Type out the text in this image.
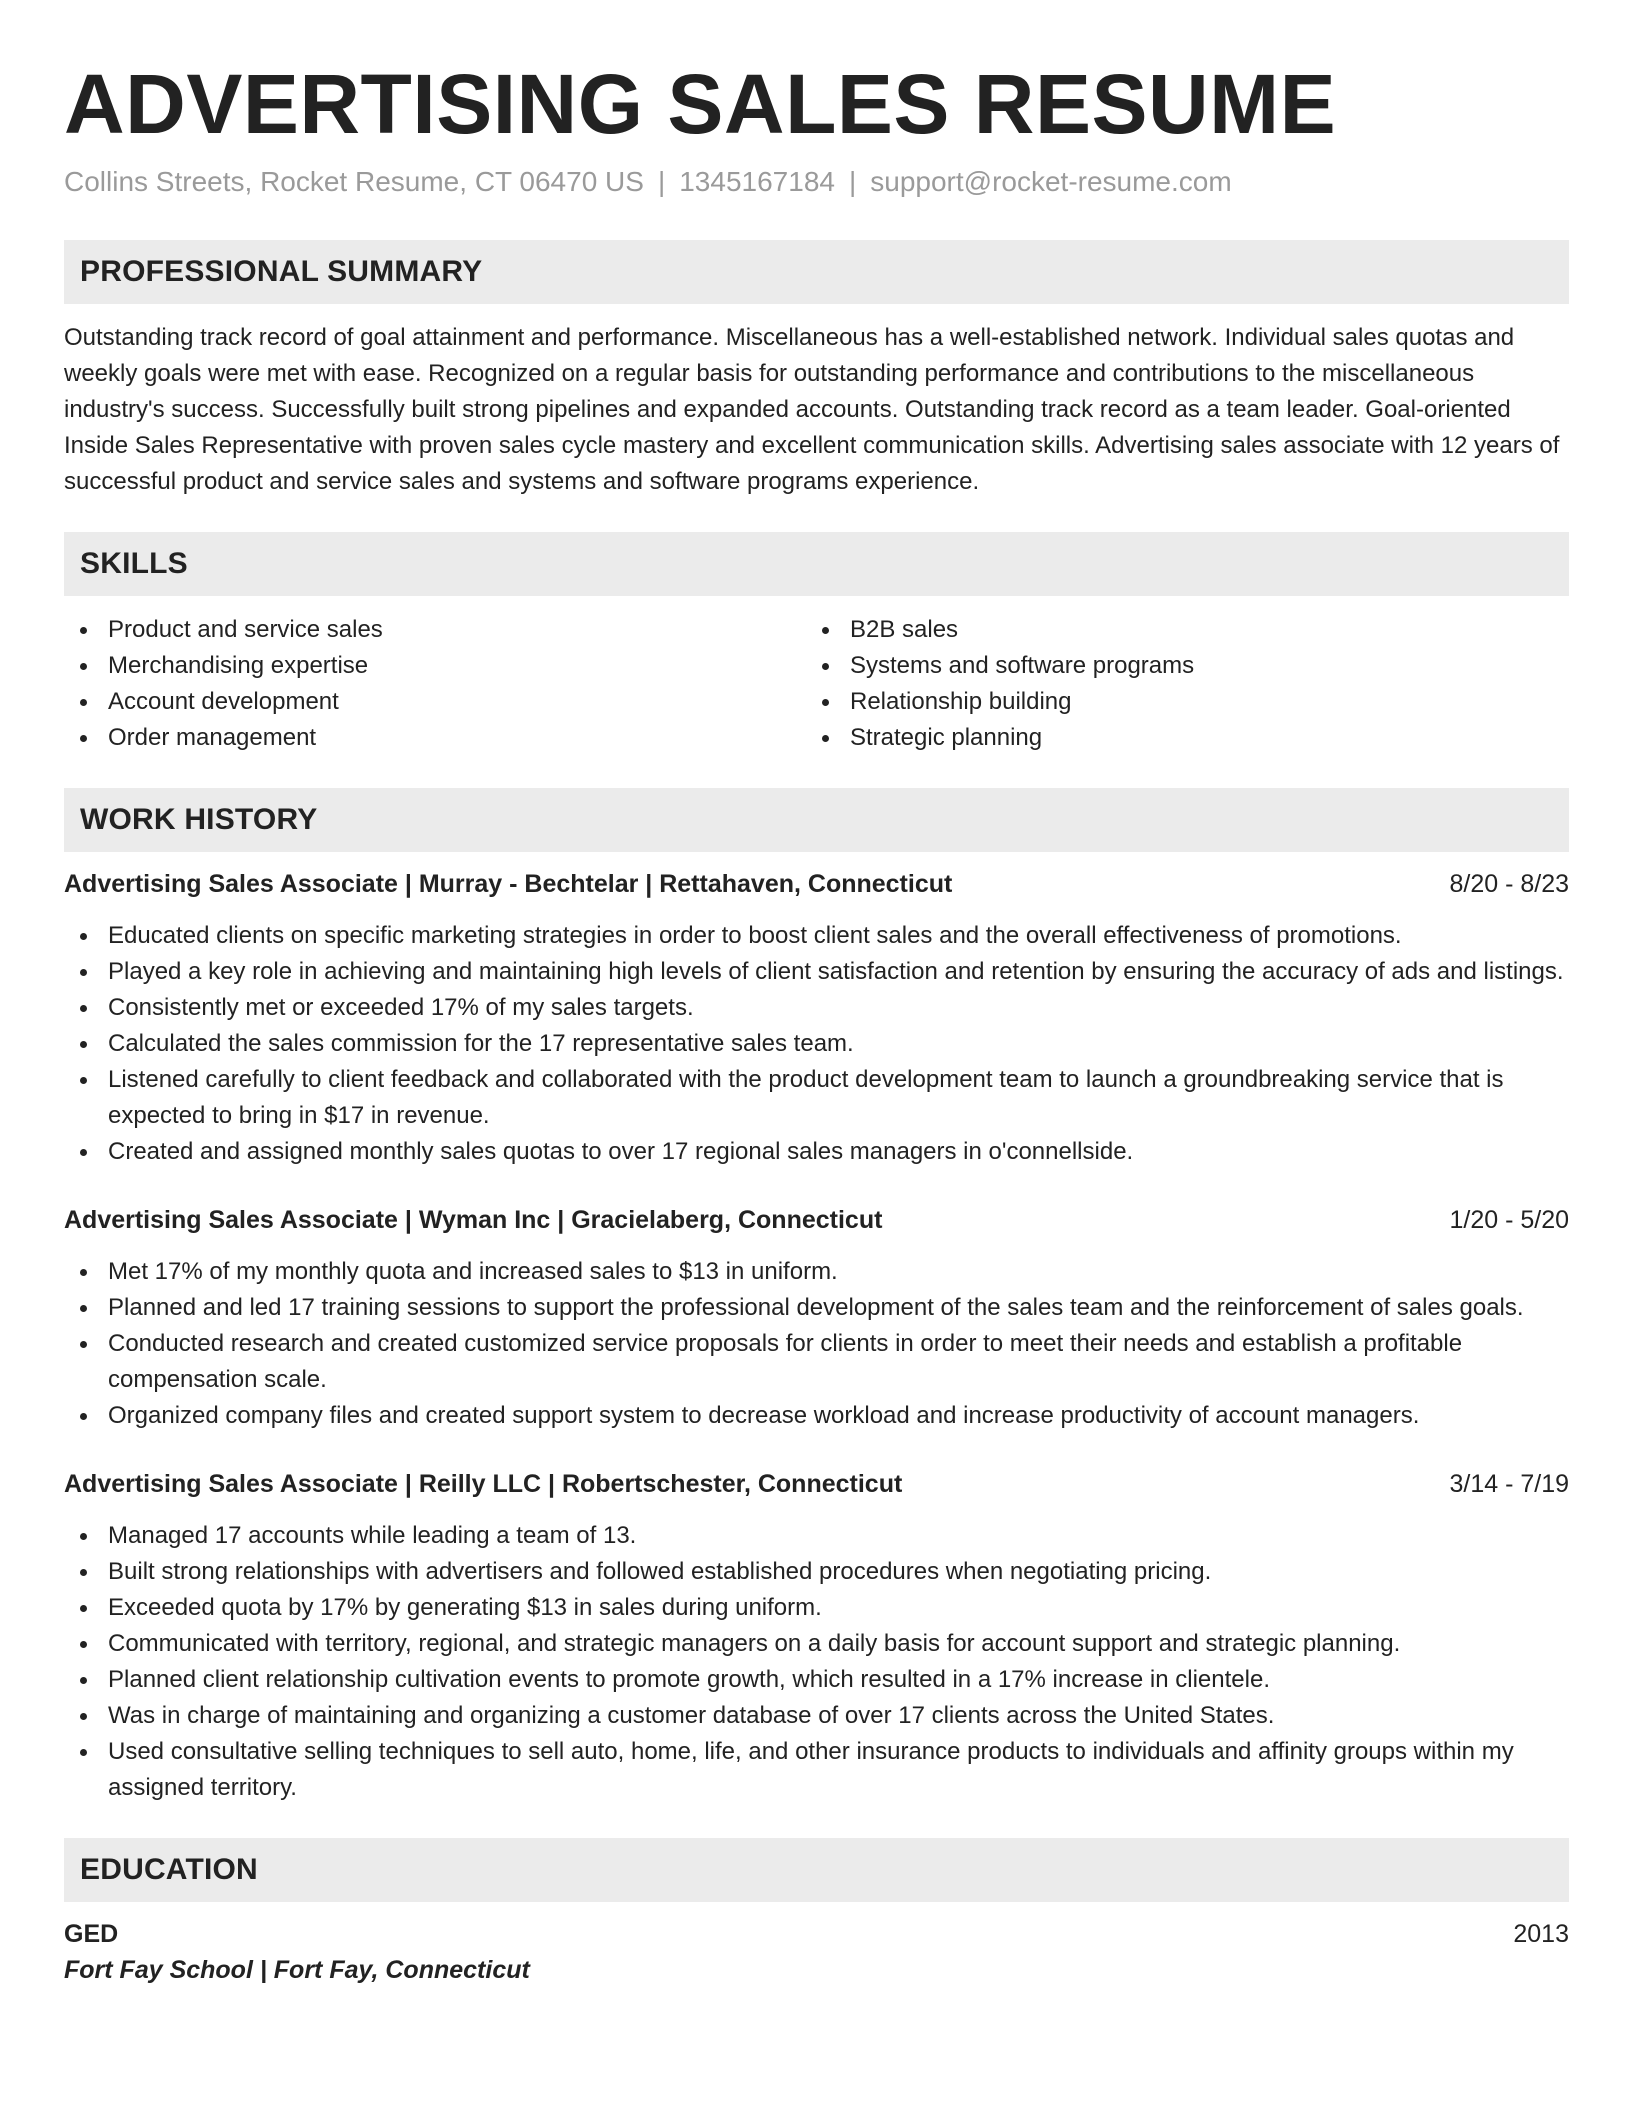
ADVERTISING SALES RESUME
Collins Streets, Rocket Resume, CT 06470 US | 1345167184 | support@rocket-resume.com
PROFESSIONAL SUMMARY
Outstanding track record of goal attainment and performance. Miscellaneous has a well-established network. Individual sales quotas and weekly goals were met with ease. Recognized on a regular basis for outstanding performance and contributions to the miscellaneous industry's success. Successfully built strong pipelines and expanded accounts. Outstanding track record as a team leader. Goal-oriented Inside Sales Representative with proven sales cycle mastery and excellent communication skills. Advertising sales associate with 12 years of successful product and service sales and systems and software programs experience.
SKILLS
Product and service sales
Merchandising expertise
Account development
Order management
B2B sales
Systems and software programs
Relationship building
Strategic planning
WORK HISTORY
Advertising Sales Associate | Murray - Bechtelar | Rettahaven, Connecticut	8/20 - 8/23
Educated clients on specific marketing strategies in order to boost client sales and the overall effectiveness of promotions.
Played a key role in achieving and maintaining high levels of client satisfaction and retention by ensuring the accuracy of ads and listings.
Consistently met or exceeded 17% of my sales targets.
Calculated the sales commission for the 17 representative sales team.
Listened carefully to client feedback and collaborated with the product development team to launch a groundbreaking service that is expected to bring in $17 in revenue.
Created and assigned monthly sales quotas to over 17 regional sales managers in o'connellside.
Advertising Sales Associate | Wyman Inc | Gracielaberg, Connecticut	1/20 - 5/20
Met 17% of my monthly quota and increased sales to $13 in uniform.
Planned and led 17 training sessions to support the professional development of the sales team and the reinforcement of sales goals.
Conducted research and created customized service proposals for clients in order to meet their needs and establish a profitable compensation scale.
Organized company files and created support system to decrease workload and increase productivity of account managers.
Advertising Sales Associate | Reilly LLC | Robertschester, Connecticut	3/14 - 7/19
Managed 17 accounts while leading a team of 13.
Built strong relationships with advertisers and followed established procedures when negotiating pricing.
Exceeded quota by 17% by generating $13 in sales during uniform.
Communicated with territory, regional, and strategic managers on a daily basis for account support and strategic planning.
Planned client relationship cultivation events to promote growth, which resulted in a 17% increase in clientele.
Was in charge of maintaining and organizing a customer database of over 17 clients across the United States.
Used consultative selling techniques to sell auto, home, life, and other insurance products to individuals and affinity groups within my assigned territory.
EDUCATION
GED	2013
Fort Fay School | Fort Fay, Connecticut
